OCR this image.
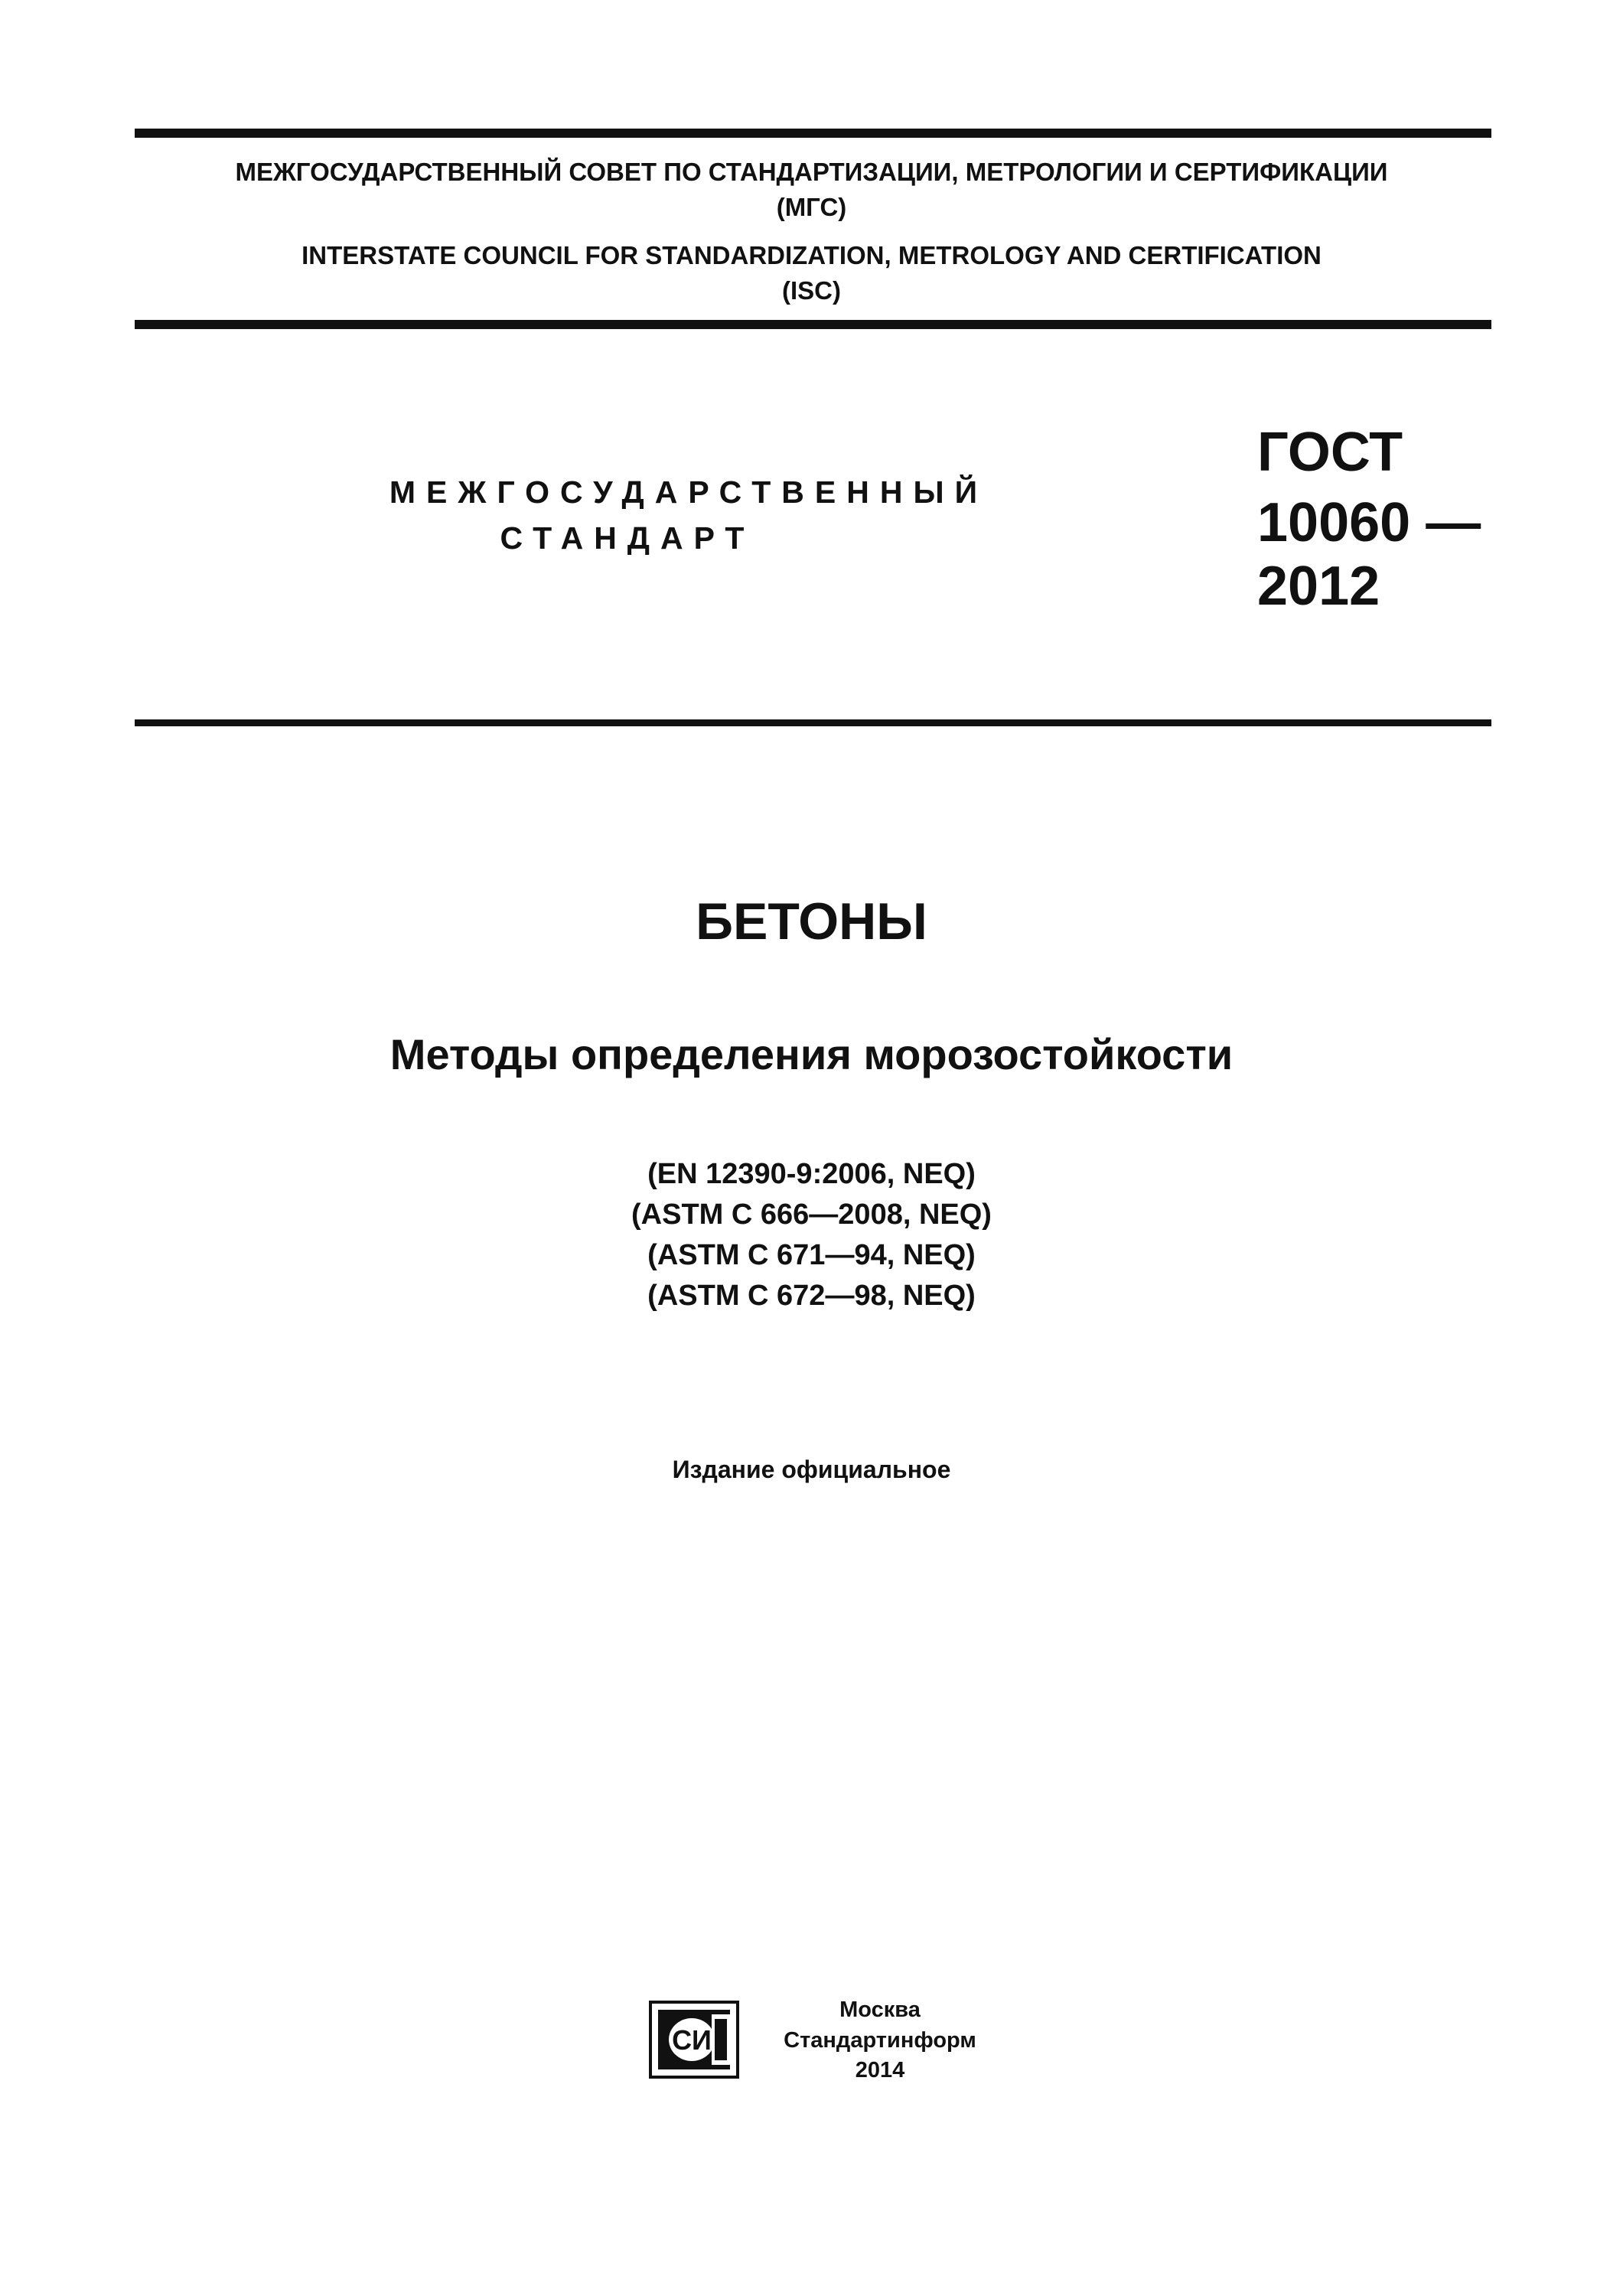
МЕЖГОСУДАРСТВЕННЫЙ СОВЕТ ПО СТАНДАРТИЗАЦИИ, МЕТРОЛОГИИ И СЕРТИФИКАЦИИ
(МГС)
INTERSTATE COUNCIL FOR STANDARDIZATION, METROLOGY AND CERTIFICATION
(ISC)
МЕЖГОСУДАРСТВЕННЫЙ
СТАНДАРТ
ГОСТ
10060 —
2012
БЕТОНЫ
Методы определения морозостойкости
(EN 12390-9:2006, NEQ)
(ASTM C 666—2008, NEQ)
(ASTM C 671—94, NEQ)
(ASTM C 672—98, NEQ)
Издание официальное
СИ
Москва
Стандартинформ
2014
